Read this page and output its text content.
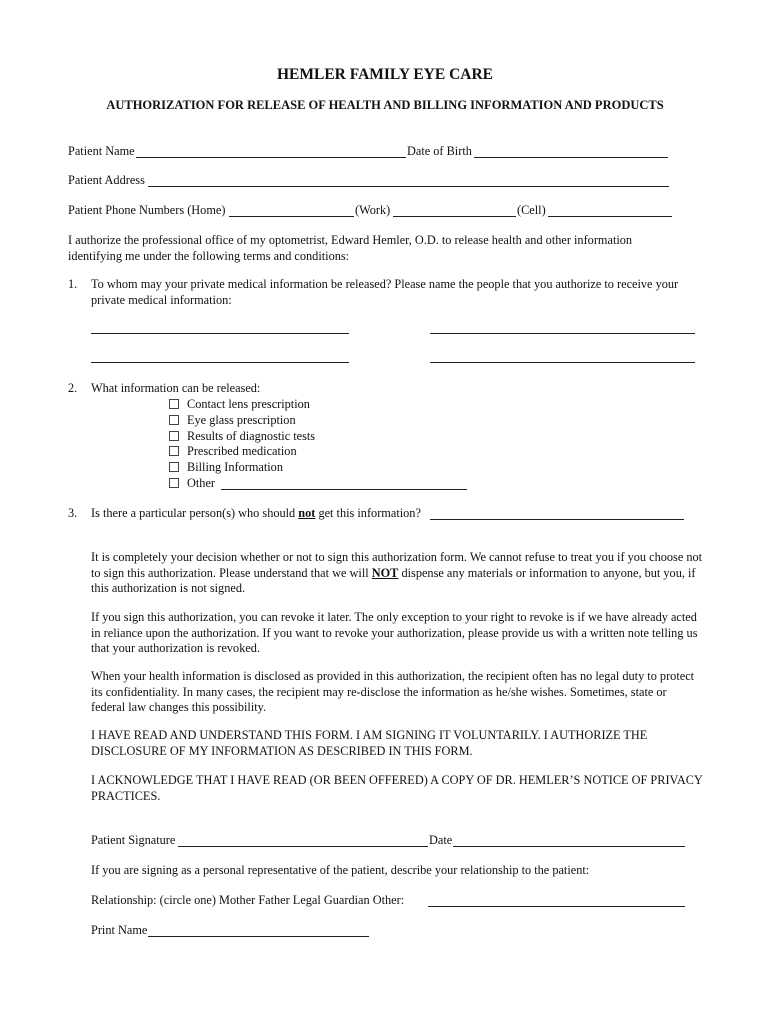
HEMLER FAMILY EYE CARE
AUTHORIZATION FOR RELEASE OF HEALTH AND BILLING INFORMATION AND PRODUCTS
Patient Name	Date of Birth
Patient Address
Patient Phone Numbers (Home)	(Work)	(Cell)
I authorize the professional office of my optometrist, Edward Hemler, O.D. to release health and other information identifying me under the following terms and conditions:
1. To whom may your private medical information be released? Please name the people that you authorize to receive your private medical information:
2. What information can be released:
Contact lens prescription
Eye glass prescription
Results of diagnostic tests
Prescribed medication
Billing Information
Other
3. Is there a particular person(s) who should not get this information?
It is completely your decision whether or not to sign this authorization form. We cannot refuse to treat you if you choose not to sign this authorization. Please understand that we will NOT dispense any materials or information to anyone, but you, if this authorization is not signed.
If you sign this authorization, you can revoke it later. The only exception to your right to revoke is if we have already acted in reliance upon the authorization. If you want to revoke your authorization, please provide us with a written note telling us that your authorization is revoked.
When your health information is disclosed as provided in this authorization, the recipient often has no legal duty to protect its confidentiality. In many cases, the recipient may re-disclose the information as he/she wishes. Sometimes, state or federal law changes this possibility.
I HAVE READ AND UNDERSTAND THIS FORM. I AM SIGNING IT VOLUNTARILY. I AUTHORIZE THE DISCLOSURE OF MY INFORMATION AS DESCRIBED IN THIS FORM.
I ACKNOWLEDGE THAT I HAVE READ (OR BEEN OFFERED) A COPY OF DR. HEMLER’S NOTICE OF PRIVACY PRACTICES.
Patient Signature	Date
If you are signing as a personal representative of the patient, describe your relationship to the patient:
Relationship: (circle one) Mother Father Legal Guardian Other:
Print Name
